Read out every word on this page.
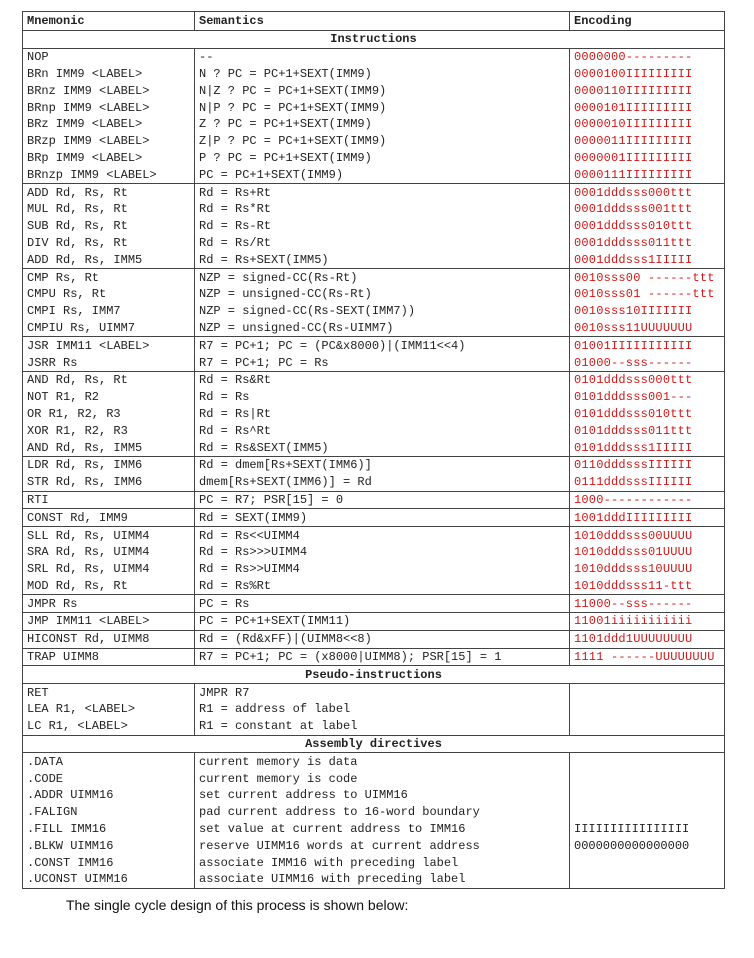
Mnemonic	Semantics	Encoding
Instructions		
NOP	--	0000000---------
BRn IMM9 <LABEL>	N ? PC = PC+1+SEXT(IMM9)	0000100IIIIIIIII
BRnz IMM9 <LABEL>	N|Z ? PC = PC+1+SEXT(IMM9)	0000110IIIIIIIII
BRnp IMM9 <LABEL>	N|P ? PC = PC+1+SEXT(IMM9)	0000101IIIIIIIII
BRz IMM9 <LABEL>	Z ? PC = PC+1+SEXT(IMM9)	0000010IIIIIIIII
BRzp IMM9 <LABEL>	Z|P ? PC = PC+1+SEXT(IMM9)	0000011IIIIIIIII
BRp IMM9 <LABEL>	P ? PC = PC+1+SEXT(IMM9)	0000001IIIIIIIII
BRnzp IMM9 <LABEL>	PC = PC+1+SEXT(IMM9)	0000111IIIIIIIII
ADD Rd, Rs, Rt	Rd = Rs+Rt	0001dddsss000ttt
MUL Rd, Rs, Rt	Rd = Rs*Rt	0001dddsss001ttt
SUB Rd, Rs, Rt	Rd = Rs-Rt	0001dddsss010ttt
DIV Rd, Rs, Rt	Rd = Rs/Rt	0001dddsss011ttt
ADD Rd, Rs, IMM5	Rd = Rs+SEXT(IMM5)	0001dddsss1IIIII
CMP Rs, Rt	NZP = signed-CC(Rs-Rt)	0010sss00 ------ttt
CMPU Rs, Rt	NZP = unsigned-CC(Rs-Rt)	0010sss01 ------ttt
CMPI Rs, IMM7	NZP = signed-CC(Rs-SEXT(IMM7))	0010sss10IIIIIII
CMPIU Rs, UIMM7	NZP = unsigned-CC(Rs-UIMM7)	0010sss11UUUUUUU
JSR IMM11 <LABEL>	R7 = PC+1; PC = (PC&x8000)|(IMM11<<4)	01001IIIIIIIIIII
JSRR Rs	R7 = PC+1; PC = Rs	01000--sss------
AND Rd, Rs, Rt	Rd = Rs&Rt	0101dddsss000ttt
NOT R1, R2	Rd = Rs	0101dddsss001---
OR R1, R2, R3	Rd = Rs|Rt	0101dddsss010ttt
XOR R1, R2, R3	Rd = Rs^Rt	0101dddsss011ttt
AND Rd, Rs, IMM5	Rd = Rs&SEXT(IMM5)	0101dddsss1IIIII
LDR Rd, Rs, IMM6	Rd = dmem[Rs+SEXT(IMM6)]	0110dddsssIIIIII
STR Rd, Rs, IMM6	dmem[Rs+SEXT(IMM6)] = Rd	0111dddsssIIIIII
RTI	PC = R7; PSR[15] = 0	1000------------
CONST Rd, IMM9	Rd = SEXT(IMM9)	1001dddIIIIIIIII
SLL Rd, Rs, UIMM4	Rd = Rs<<UIMM4	1010dddsss00UUUU
SRA Rd, Rs, UIMM4	Rd = Rs>>>UIMM4	1010dddsss01UUUU
SRL Rd, Rs, UIMM4	Rd = Rs>>UIMM4	1010dddsss10UUUU
MOD Rd, Rs, Rt	Rd = Rs%Rt	1010dddsss11-ttt
JMPR Rs	PC = Rs	11000--sss------
JMP IMM11 <LABEL>	PC = PC+1+SEXT(IMM11)	11001iiiiiiiiiii
HICONST Rd, UIMM8	Rd = (Rd&xFF)|(UIMM8<<8)	1101ddd1UUUUUUUU
TRAP UIMM8	R7 = PC+1; PC = (x8000|UIMM8); PSR[15] = 1	1111 ------UUUUUUUU
Pseudo-instructions		
RET	JMPR R7	
LEA R1, <LABEL>	R1 = address of label	
LC R1, <LABEL>	R1 = constant at label	
Assembly directives		
.DATA	current memory is data	
.CODE	current memory is code	
.ADDR UIMM16	set current address to UIMM16	
.FALIGN	pad current address to 16-word boundary	
.FILL IMM16	set value at current address to IMM16	IIIIIIIIIIIIIIII
.BLKW UIMM16	reserve UIMM16 words at current address	0000000000000000
.CONST IMM16	associate IMM16 with preceding label	
.UCONST UIMM16	associate UIMM16 with preceding label	
The single cycle design of this process is shown below:
